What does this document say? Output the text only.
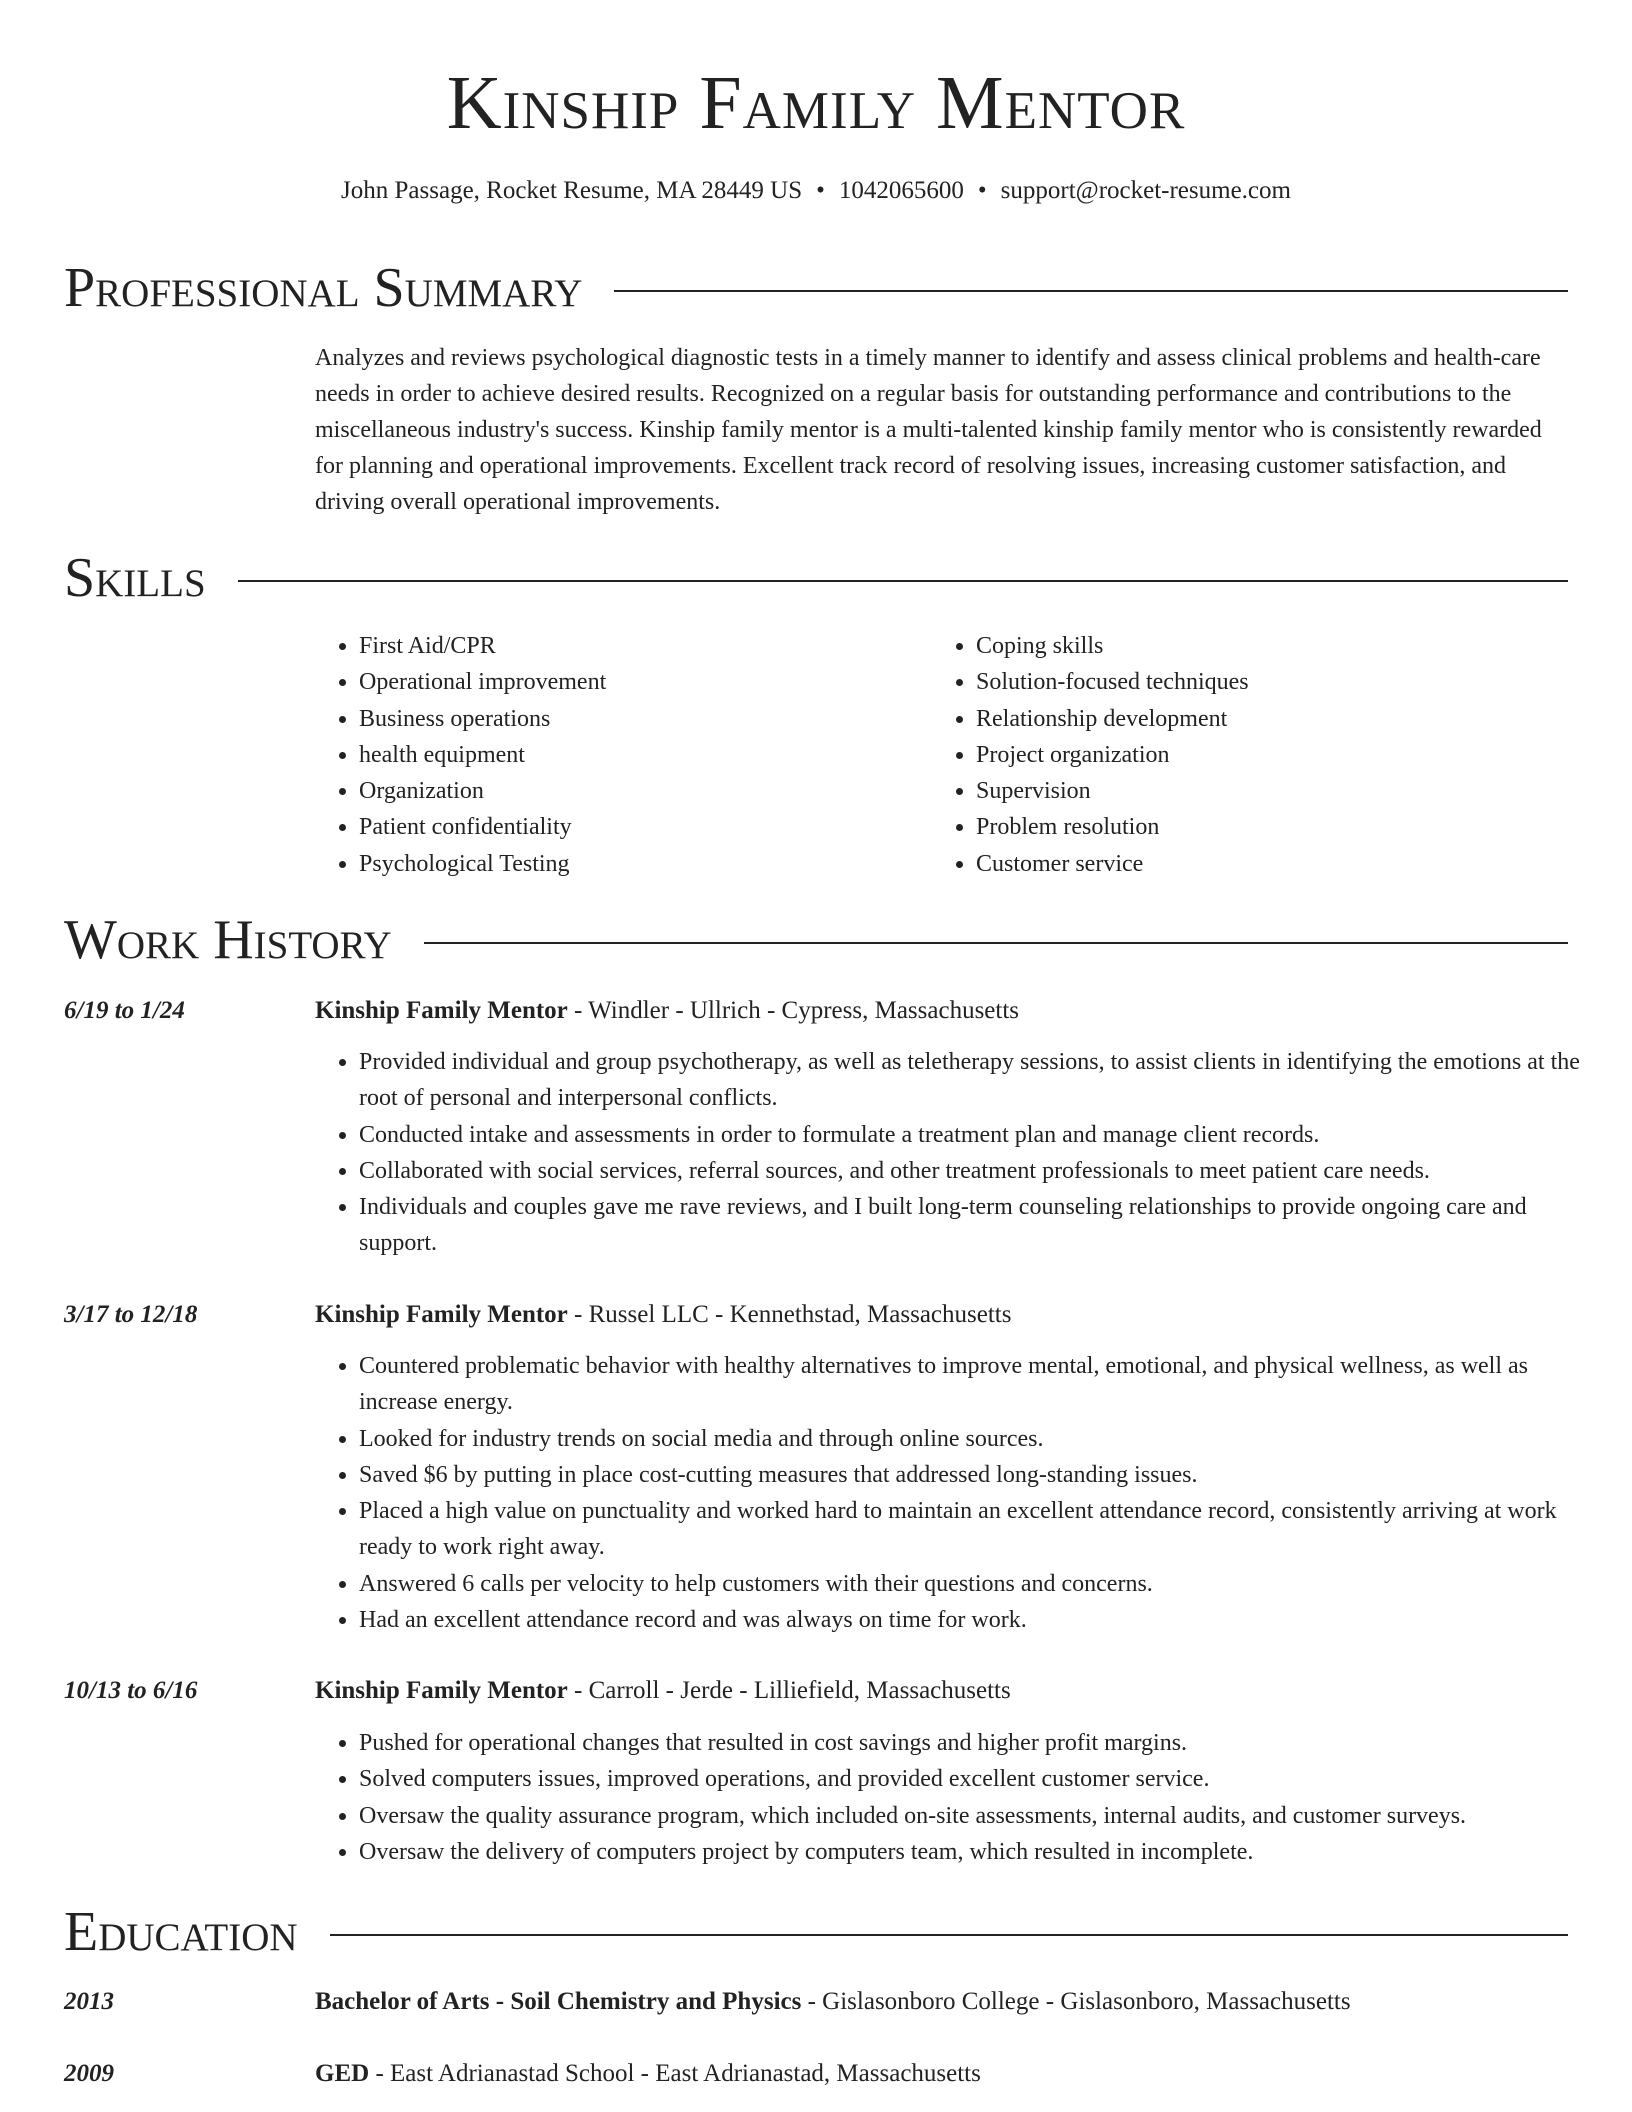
Kinship Family Mentor
John Passage, Rocket Resume, MA 28449 US • 1042065600 • support@rocket-resume.com
Professional Summary

Analyzes and reviews psychological diagnostic tests in a timely manner to identify and assess clinical problems and health-care needs in order to achieve desired results. Recognized on a regular basis for outstanding performance and contributions to the miscellaneous industry's success. Kinship family mentor is a multi-talented kinship family mentor who is consistently rewarded for planning and operational improvements. Excellent track record of resolving issues, increasing customer satisfaction, and driving overall operational improvements.

Skills
• First Aid/CPR
• Operational improvement
• Business operations
• health equipment
• Organization
• Patient confidentiality
• Psychological Testing
• Coping skills
• Solution-focused techniques
• Relationship development
• Project organization
• Supervision
• Problem resolution
• Customer service
Work History
6/19 to 1/24	Kinship Family Mentor - Windler - Ullrich - Cypress, Massachusetts
• Provided individual and group psychotherapy, as well as teletherapy sessions, to assist clients in identifying the emotions at the root of personal and interpersonal conflicts.
• Conducted intake and assessments in order to formulate a treatment plan and manage client records.
• Collaborated with social services, referral sources, and other treatment professionals to meet patient care needs.
• Individuals and couples gave me rave reviews, and I built long-term counseling relationships to provide ongoing care and support.
3/17 to 12/18	Kinship Family Mentor - Russel LLC - Kennethstad, Massachusetts
• Countered problematic behavior with healthy alternatives to improve mental, emotional, and physical wellness, as well as increase energy.
• Looked for industry trends on social media and through online sources.
• Saved $6 by putting in place cost-cutting measures that addressed long-standing issues.
• Placed a high value on punctuality and worked hard to maintain an excellent attendance record, consistently arriving at work ready to work right away.
• Answered 6 calls per velocity to help customers with their questions and concerns.
• Had an excellent attendance record and was always on time for work.
10/13 to 6/16	Kinship Family Mentor - Carroll - Jerde - Lilliefield, Massachusetts
• Pushed for operational changes that resulted in cost savings and higher profit margins.
• Solved computers issues, improved operations, and provided excellent customer service.
• Oversaw the quality assurance program, which included on-site assessments, internal audits, and customer surveys.
• Oversaw the delivery of computers project by computers team, which resulted in incomplete.
Education
2013	Bachelor of Arts - Soil Chemistry and Physics - Gislasonboro College - Gislasonboro, Massachusetts
2009	GED - East Adrianastad School - East Adrianastad, Massachusetts
